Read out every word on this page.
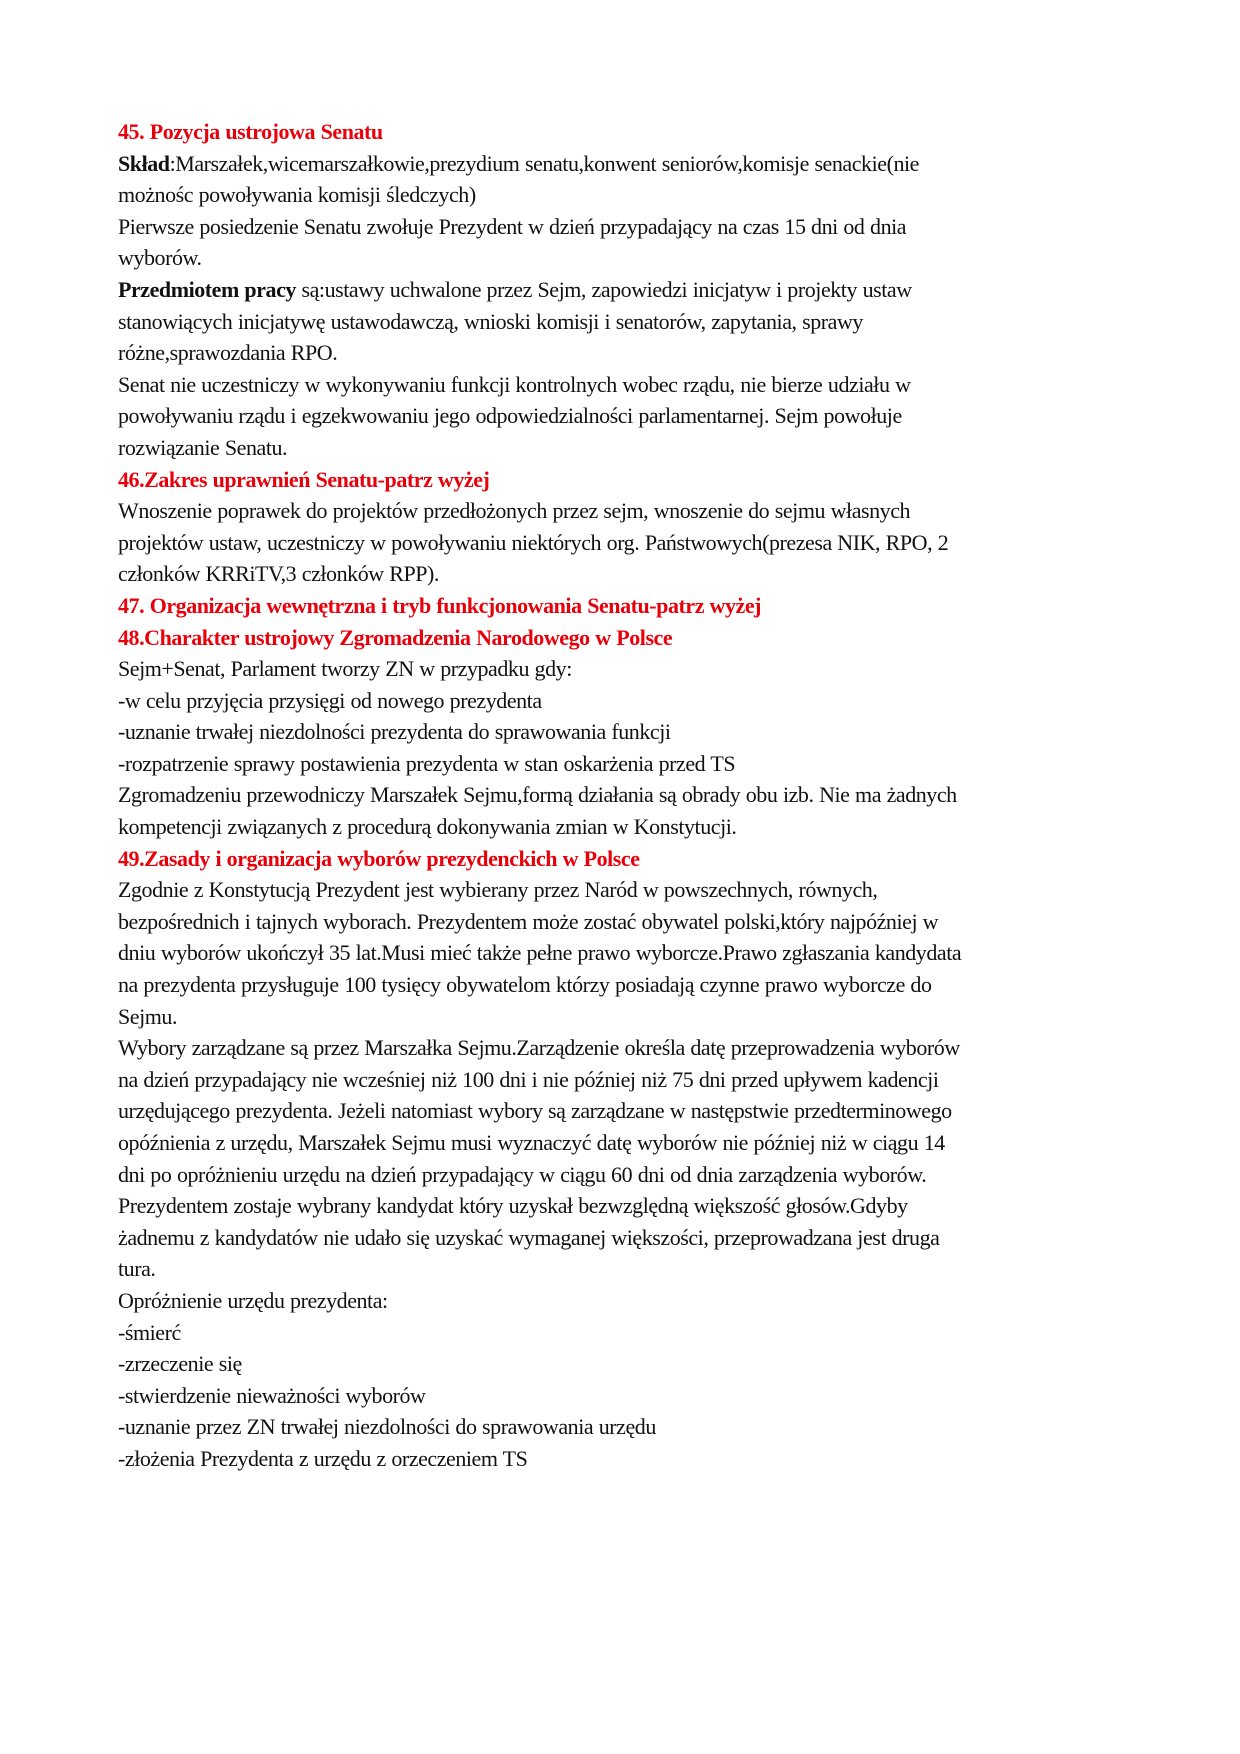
45. Pozycja ustrojowa Senatu
Skład:Marszałek,wicemarszałkowie,prezydium senatu,konwent seniorów,komisje senackie(nie
możnośc powoływania komisji śledczych)
Pierwsze posiedzenie Senatu zwołuje Prezydent w dzień przypadający na czas 15 dni od dnia
wyborów.
Przedmiotem pracy są:ustawy uchwalone przez Sejm, zapowiedzi inicjatyw i projekty ustaw
stanowiących inicjatywę ustawodawczą, wnioski komisji i senatorów, zapytania, sprawy
różne,sprawozdania RPO.
Senat nie uczestniczy w wykonywaniu funkcji kontrolnych wobec rządu, nie bierze udziału w
powoływaniu rządu i egzekwowaniu jego odpowiedzialności parlamentarnej. Sejm powołuje
rozwiązanie Senatu.
46.Zakres uprawnień Senatu-patrz wyżej
Wnoszenie poprawek do projektów przedłożonych przez sejm, wnoszenie do sejmu własnych
projektów ustaw, uczestniczy w powoływaniu niektórych org. Państwowych(prezesa NIK, RPO, 2
członków KRRiTV,3 członków RPP).
47. Organizacja wewnętrzna i tryb funkcjonowania Senatu-patrz wyżej
48.Charakter ustrojowy Zgromadzenia Narodowego w Polsce
Sejm+Senat, Parlament tworzy ZN w przypadku gdy:
-w celu przyjęcia przysięgi od nowego prezydenta
-uznanie trwałej niezdolności prezydenta do sprawowania funkcji
-rozpatrzenie sprawy postawienia prezydenta w stan oskarżenia przed TS
Zgromadzeniu przewodniczy Marszałek Sejmu,formą działania są obrady obu izb. Nie ma żadnych
kompetencji związanych z procedurą dokonywania zmian w Konstytucji.
49.Zasady i organizacja wyborów prezydenckich w Polsce
Zgodnie z Konstytucją Prezydent jest wybierany przez Naród w powszechnych, równych,
bezpośrednich i tajnych wyborach. Prezydentem może zostać obywatel polski,który najpóźniej w
dniu wyborów ukończył 35 lat.Musi mieć także pełne prawo wyborcze.Prawo zgłaszania kandydata
na prezydenta przysługuje 100 tysięcy obywatelom którzy posiadają czynne prawo wyborcze do
Sejmu.
Wybory zarządzane są przez Marszałka Sejmu.Zarządzenie określa datę przeprowadzenia wyborów
na dzień przypadający nie wcześniej niż 100 dni i nie później niż 75 dni przed upływem kadencji
urzędującego prezydenta. Jeżeli natomiast wybory są zarządzane w następstwie przedterminowego
opóźnienia z urzędu, Marszałek Sejmu musi wyznaczyć datę wyborów nie później niż w ciągu 14
dni po opróżnieniu urzędu na dzień przypadający w ciągu 60 dni od dnia zarządzenia wyborów.
Prezydentem zostaje wybrany kandydat który uzyskał bezwzględną większość głosów.Gdyby
żadnemu z kandydatów nie udało się uzyskać wymaganej większości, przeprowadzana jest druga
tura.
Opróżnienie urzędu prezydenta:
-śmierć
-zrzeczenie się
-stwierdzenie nieważności wyborów
-uznanie przez ZN trwałej niezdolności do sprawowania urzędu
-złożenia Prezydenta z urzędu z orzeczeniem TS
